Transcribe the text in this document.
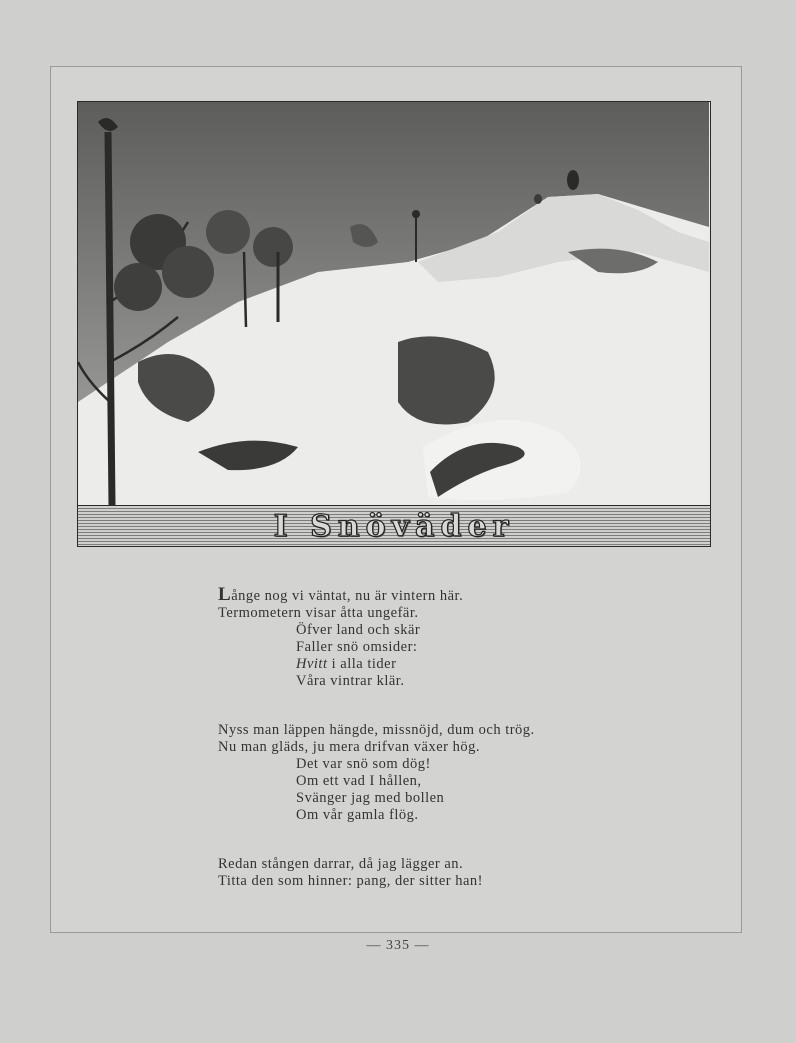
I Snöväder
Långe nog vi väntat, nu är vintern här.
Termometern visar åtta ungefär.
Öfver land och skär
Faller snö omsider:
Hvitt i alla tider
Våra vintrar klär.
Nyss man läppen hängde, missnöjd, dum och trög.
Nu man gläds, ju mera drifvan växer hög.
Det var snö som dög!
Om ett vad I hållen,
Svänger jag med bollen
Om vår gamla flög.
Redan stången darrar, då jag lägger an.
Titta den som hinner: pang, der sitter han!
— 335 —
